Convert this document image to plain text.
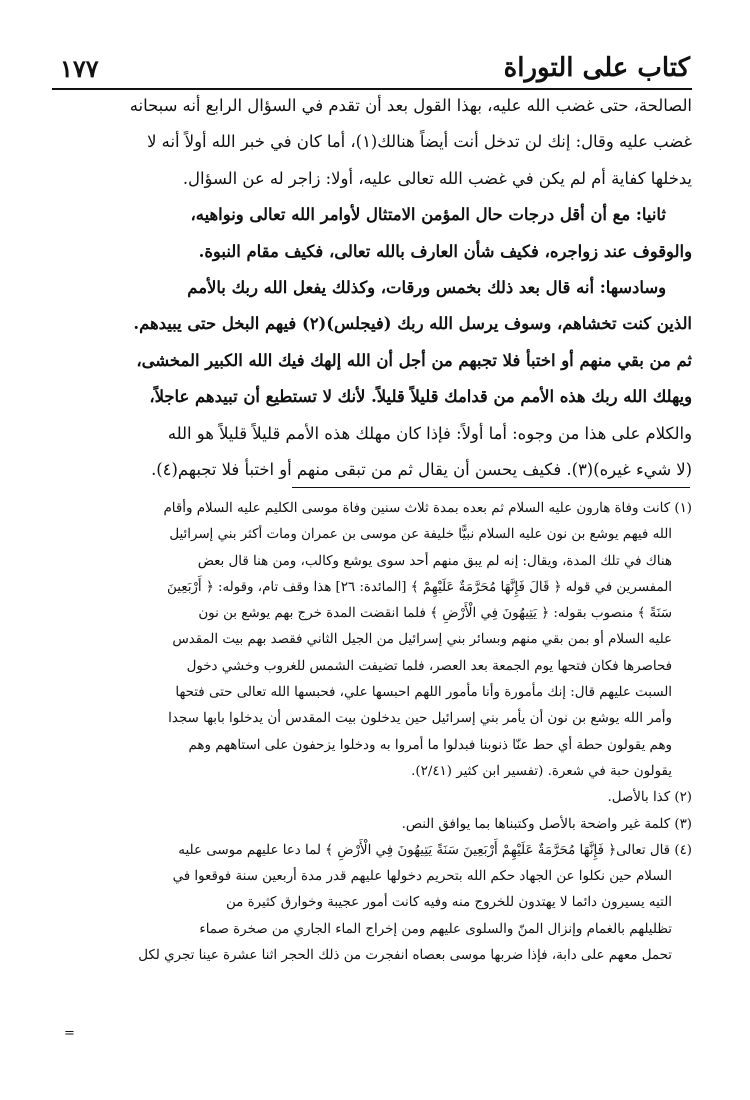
كتاب على التوراة
١٧٧
الصالحة، حتى غضب الله عليه، بهذا القول بعد أن تقدم في السؤال الرابع أنه سبحانه
غضب عليه وقال: إنك لن تدخل أنت أيضاً هنالك(١)، أما كان في خبر الله أولاً أنه لا
يدخلها كفاية أم لم يكن في غضب الله تعالى عليه، أولا: زاجر له عن السؤال.
ثانيا: مع أن أقل درجات حال المؤمن الامتثال لأوامر الله تعالى ونواهيه،
والوقوف عند زواجره، فكيف شأن العارف بالله تعالى، فكيف مقام النبوة.
وسادسها: أنه قال بعد ذلك بخمس ورقات، وكذلك يفعل الله ربك بالأمم
الذين كنت تخشاهم، وسوف يرسل الله ربك (فيجلس)(٢) فيهم البخل حتى يبيدهم.
ثم من بقي منهم أو اختبأ فلا تجبهم من أجل أن الله إلهك فيك الله الكبير المخشى،
ويهلك الله ربك هذه الأمم من قدامك قليلاً قليلاً. لأنك لا تستطيع أن تبيدهم عاجلاً،
والكلام على هذا من وجوه: أما أولاً: فإذا كان مهلك هذه الأمم قليلاً قليلاً هو الله
(لا شيء غيره)(٣). فكيف يحسن أن يقال ثم من تبقى منهم أو اختبأ فلا تجبهم(٤).
(١) كانت وفاة هارون عليه السلام ثم بعده بمدة ثلاث سنين وفاة موسى الكليم عليه السلام وأقام
الله فيهم يوشع بن نون عليه السلام نبيًّا خليفة عن موسى بن عمران ومات أكثر بني إسرائيل
هناك في تلك المدة، ويقال: إنه لم يبق منهم أحد سوى يوشع وكالب، ومن هنا قال بعض
المفسرين في قوله ﴿ قَالَ فَإِنَّهَا مُحَرَّمَةٌ عَلَيْهِمْ ﴾ [المائدة: ٢٦] هذا وقف تام، وقوله: ﴿ أَرْبَعِينَ
سَنَةً ﴾ منصوب بقوله: ﴿ يَتِيهُونَ فِي الْأَرْضِ ﴾ فلما انقضت المدة خرج بهم يوشع بن نون
عليه السلام أو بمن بقي منهم وبسائر بني إسرائيل من الجيل الثاني فقصد بهم بيت المقدس
فحاصرها فكان فتحها يوم الجمعة بعد العصر، فلما تضيفت الشمس للغروب وخشي دخول
السبت عليهم قال: إنك مأمورة وأنا مأمور اللهم احبسها علي، فحبسها الله تعالى حتى فتحها
وأمر الله يوشع بن نون أن يأمر بني إسرائيل حين يدخلون بيت المقدس أن يدخلوا بابها سجدا
وهم يقولون حطة أي حط عنّا ذنوبنا فبدلوا ما أمروا به ودخلوا يزحفون على استاههم وهم
يقولون حبة في شعرة. (تفسير ابن كثير (٢/٤١).
(٢) كذا بالأصل.
(٣) كلمة غير واضحة بالأصل وكتبناها بما يوافق النص.
(٤) قال تعالى﴿ فَإِنَّهَا مُحَرَّمَةٌ عَلَيْهِمْ أَرْبَعِينَ سَنَةً يَتِيهُونَ فِي الْأَرْضِ ﴾ لما دعا عليهم موسى عليه
السلام حين نكلوا عن الجهاد حكم الله بتحريم دخولها عليهم قدر مدة أربعين سنة فوقعوا في
التيه يسيرون دائما لا يهتدون للخروج منه وفيه كانت أمور عجيبة وخوارق كثيرة من
تظليلهم بالغمام وإنزال المنّ والسلوى عليهم ومن إخراج الماء الجاري من صخرة صماء
تحمل معهم على دابة، فإذا ضربها موسى بعصاه انفجرت من ذلك الحجر اثنا عشرة عينا تجري لكل
=
